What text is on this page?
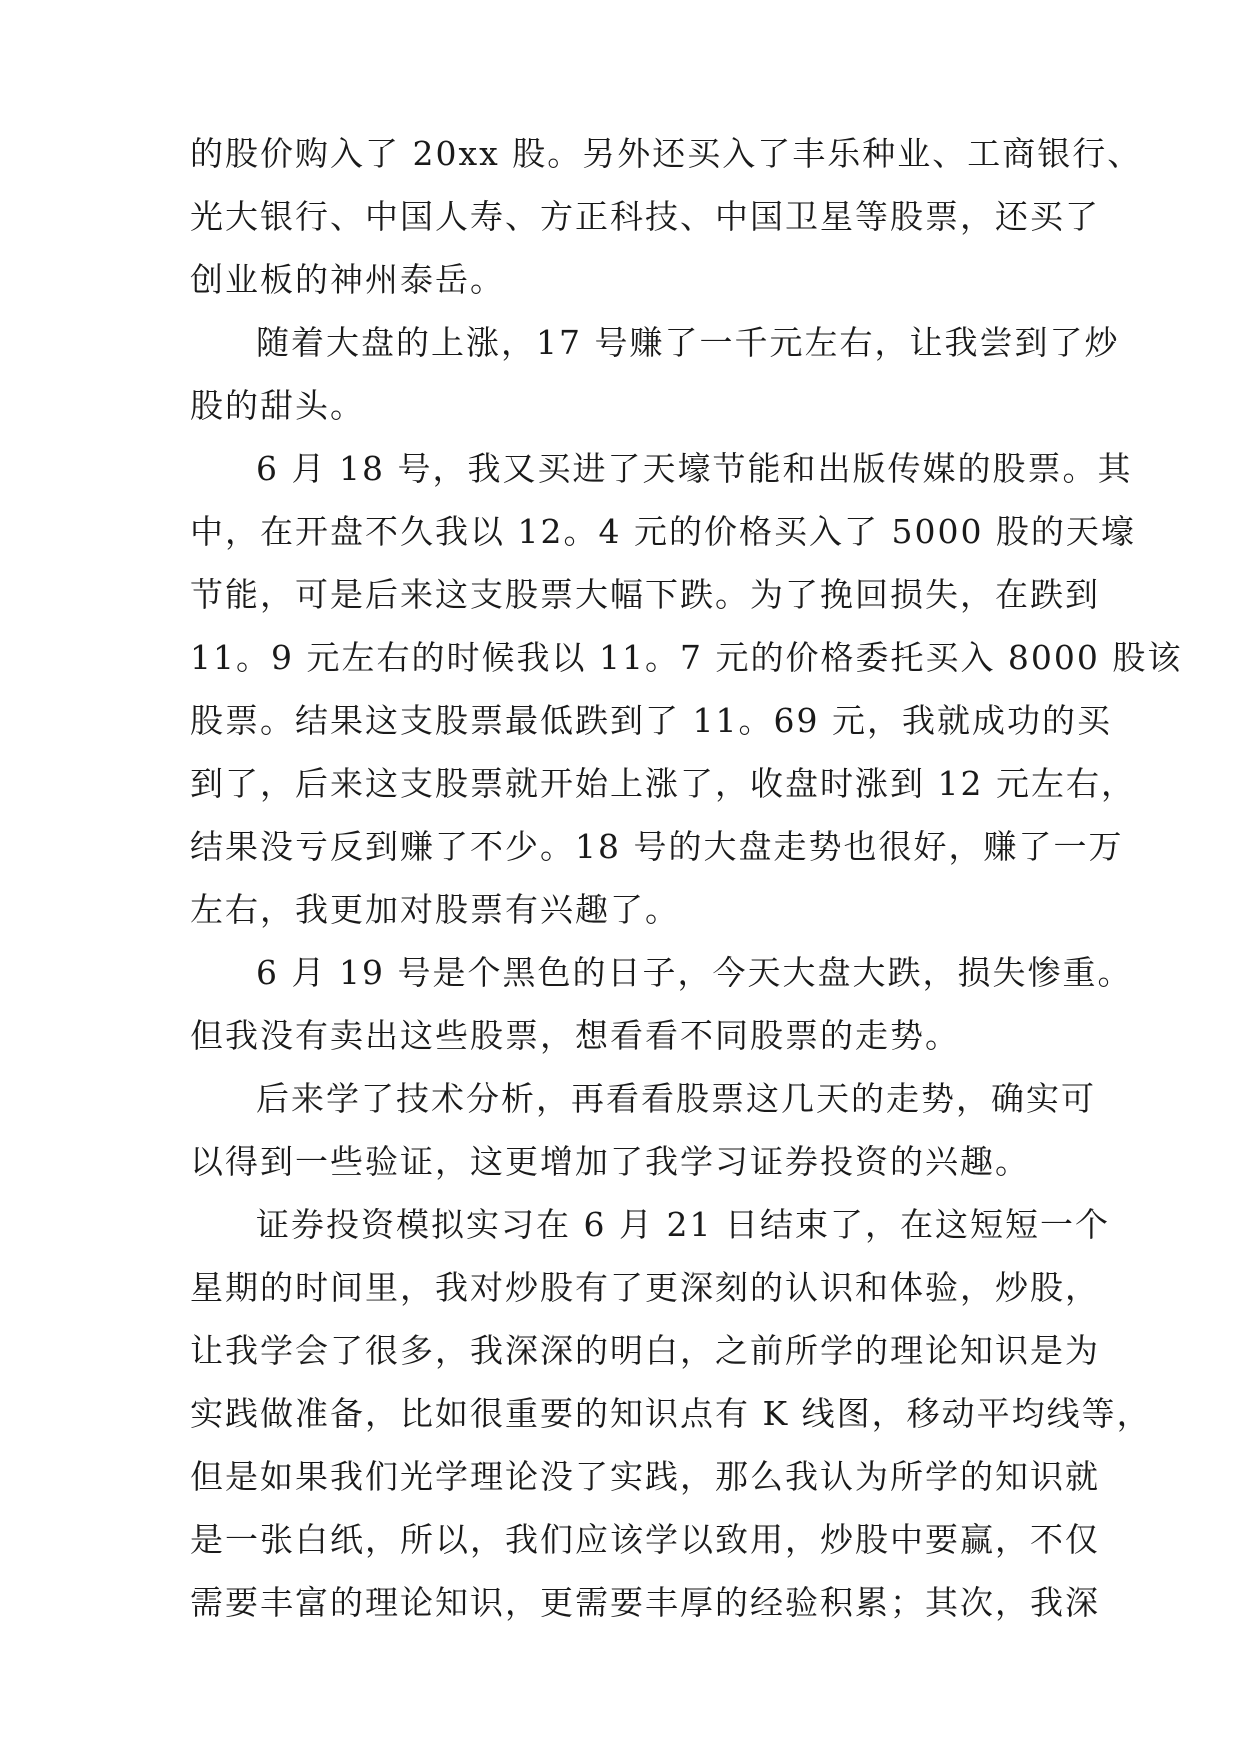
的股价购入了 20xx 股。另外还买入了丰乐种业、工商银行、
光大银行、中国人寿、方正科技、中国卫星等股票，还买了
创业板的神州泰岳。
随着大盘的上涨，17 号赚了一千元左右，让我尝到了炒
股的甜头。
6 月 18 号，我又买进了天壕节能和出版传媒的股票。其
中，在开盘不久我以 12。4 元的价格买入了 5000 股的天壕
节能，可是后来这支股票大幅下跌。为了挽回损失，在跌到
11。9 元左右的时候我以 11。7 元的价格委托买入 8000 股该
股票。结果这支股票最低跌到了 11。69 元，我就成功的买
到了，后来这支股票就开始上涨了，收盘时涨到 12 元左右，
结果没亏反到赚了不少。18 号的大盘走势也很好，赚了一万
左右，我更加对股票有兴趣了。
6 月 19 号是个黑色的日子，今天大盘大跌，损失惨重。
但我没有卖出这些股票，想看看不同股票的走势。
后来学了技术分析，再看看股票这几天的走势，确实可
以得到一些验证，这更增加了我学习证券投资的兴趣。
证券投资模拟实习在 6 月 21 日结束了，在这短短一个
星期的时间里，我对炒股有了更深刻的认识和体验，炒股，
让我学会了很多，我深深的明白，之前所学的理论知识是为
实践做准备，比如很重要的知识点有 K 线图，移动平均线等，
但是如果我们光学理论没了实践，那么我认为所学的知识就
是一张白纸，所以，我们应该学以致用，炒股中要赢，不仅
需要丰富的理论知识，更需要丰厚的经验积累；其次，我深
